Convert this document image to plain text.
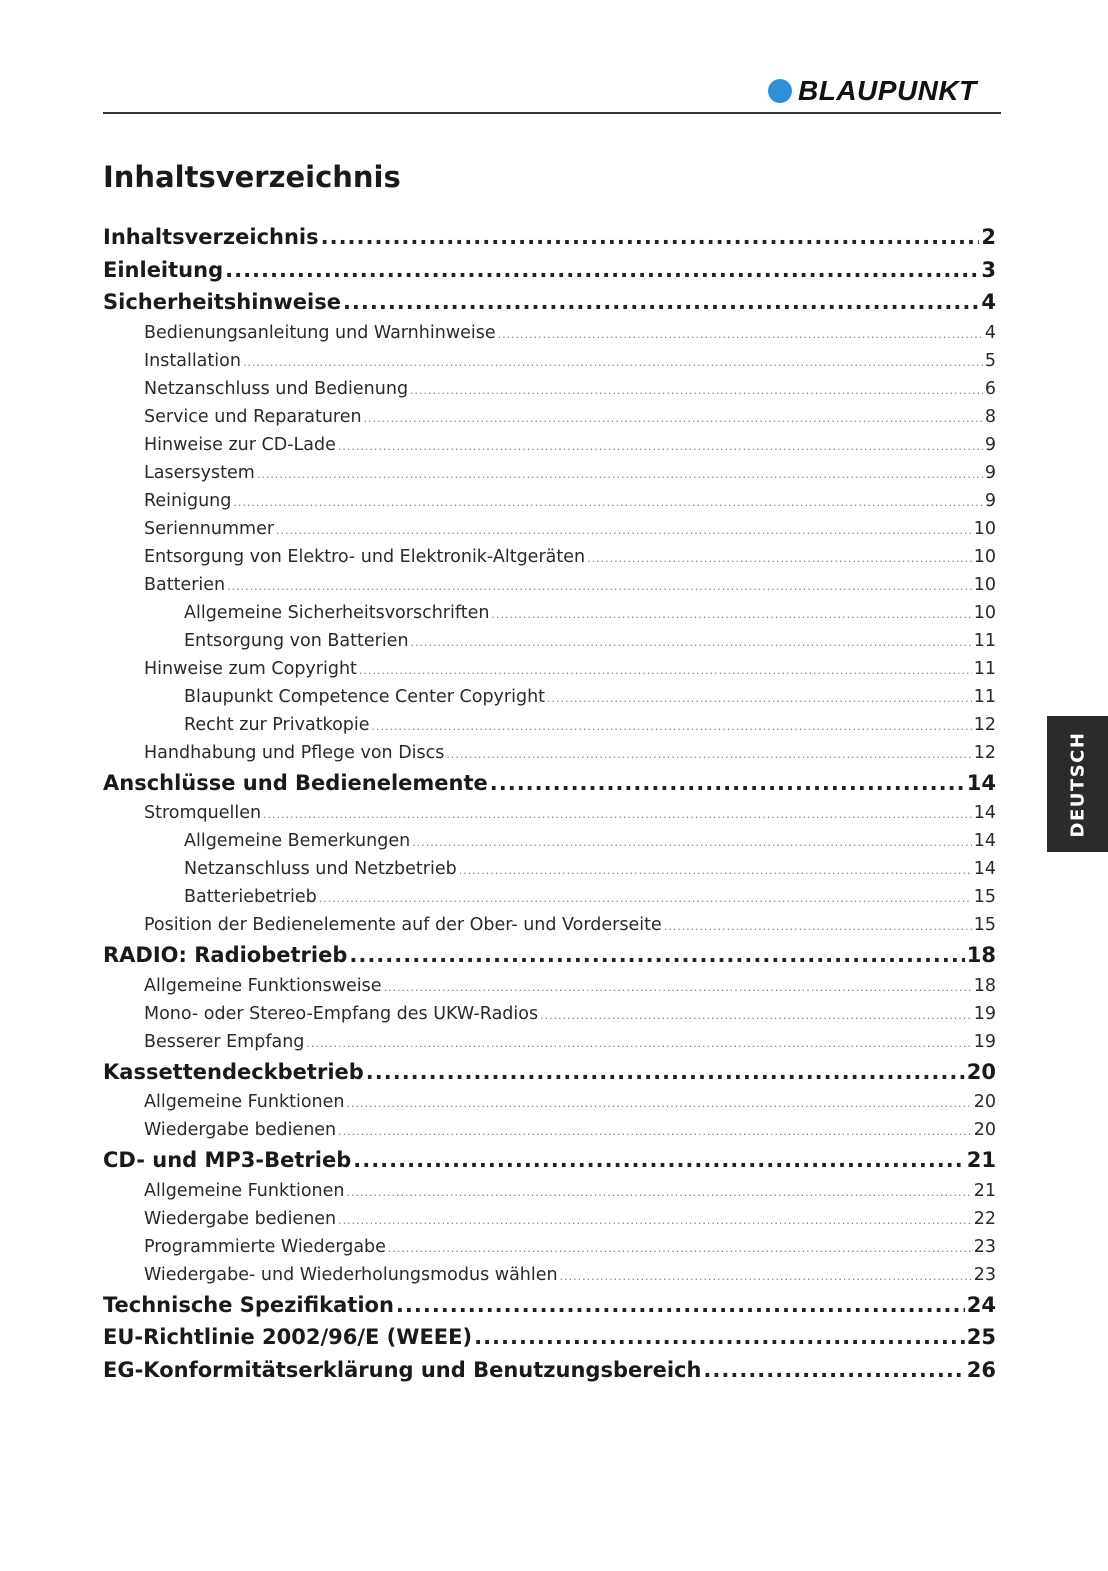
BLAUPUNKT
Inhaltsverzeichnis
Inhaltsverzeichnis .....	2
Einleitung .....	3
Sicherheitshinweise .....	4
Bedienungsanleitung und Warnhinweise .....	4
Installation .....	5
Netzanschluss und Bedienung .....	6
Service und Reparaturen .....	8
Hinweise zur CD-Lade .....	9
Lasersystem .....	9
Reinigung .....	9
Seriennummer .....	10
Entsorgung von Elektro- und Elektronik-Altgeräten .....	10
Batterien .....	10
Allgemeine Sicherheitsvorschriften .....	10
Entsorgung von Batterien .....	11
Hinweise zum Copyright .....	11
Blaupunkt Competence Center Copyright .....	11
Recht zur Privatkopie .....	12
Handhabung und Pflege von Discs .....	12
Anschlüsse und Bedienelemente .....	14
Stromquellen .....	14
Allgemeine Bemerkungen .....	14
Netzanschluss und Netzbetrieb .....	14
Batteriebetrieb .....	15
Position der Bedienelemente auf der Ober- und Vorderseite .....	15
RADIO: Radiobetrieb .....	18
Allgemeine Funktionsweise .....	18
Mono- oder Stereo-Empfang des UKW-Radios .....	19
Besserer Empfang .....	19
Kassettendeckbetrieb .....	20
Allgemeine Funktionen .....	20
Wiedergabe bedienen .....	20
CD- und MP3-Betrieb .....	21
Allgemeine Funktionen .....	21
Wiedergabe bedienen .....	22
Programmierte Wiedergabe .....	23
Wiedergabe- und Wiederholungsmodus wählen .....	23
Technische Spezifikation .....	24
EU-Richtlinie 2002/96/E (WEEE) .....	25
EG-Konformitätserklärung und Benutzungsbereich .....	26
DEUTSCH
